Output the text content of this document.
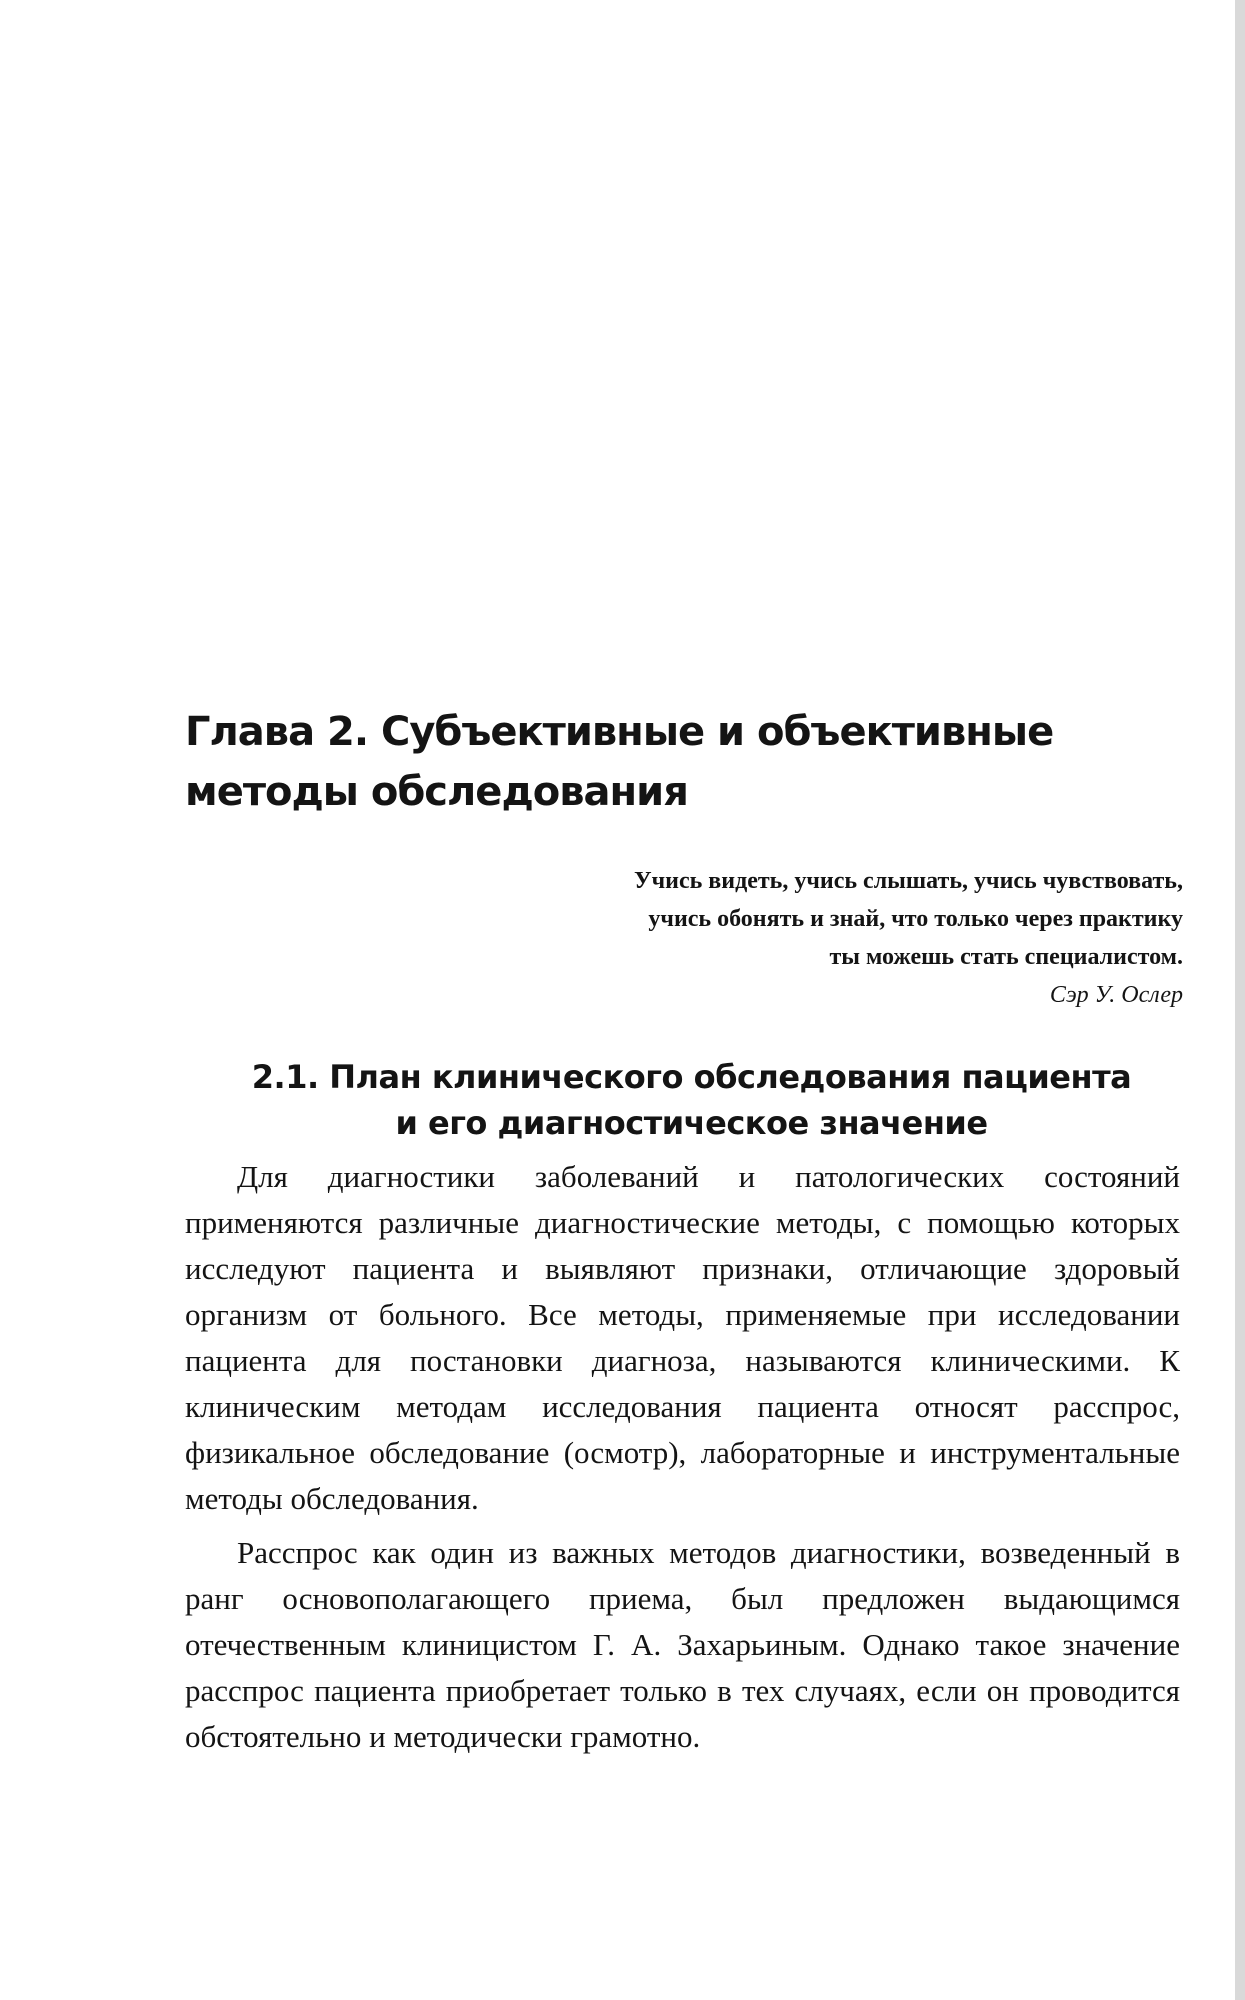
Глава 2. Субъективные и объективные
методы обследования
Учись видеть, учись слышать, учись чувствовать,
учись обонять и знай, что только через практику
ты можешь стать специалистом.
Сэр У. Ослер
2.1. План клинического обследования пациента
и его диагностическое значение

Для диагностики заболеваний и патологических состояний применяются различные диагностические методы, с помощью которых исследуют пациента и выявляют признаки, отличающие здоровый организм от больного. Все методы, применяемые при исследовании пациента для постановки диагноза, называются клиническими. К клиническим методам исследования пациента относят расспрос, физикальное обследование (осмотр), лабораторные и инструментальные методы обследования.

Расспрос как один из важных методов диагностики, возведенный в ранг основополагающего приема, был предложен выдающимся отечественным клиницистом Г. А. Захарьиным. Однако такое значение расспрос пациента приобретает только в тех случаях, если он проводится обстоятельно и методически грамотно.
